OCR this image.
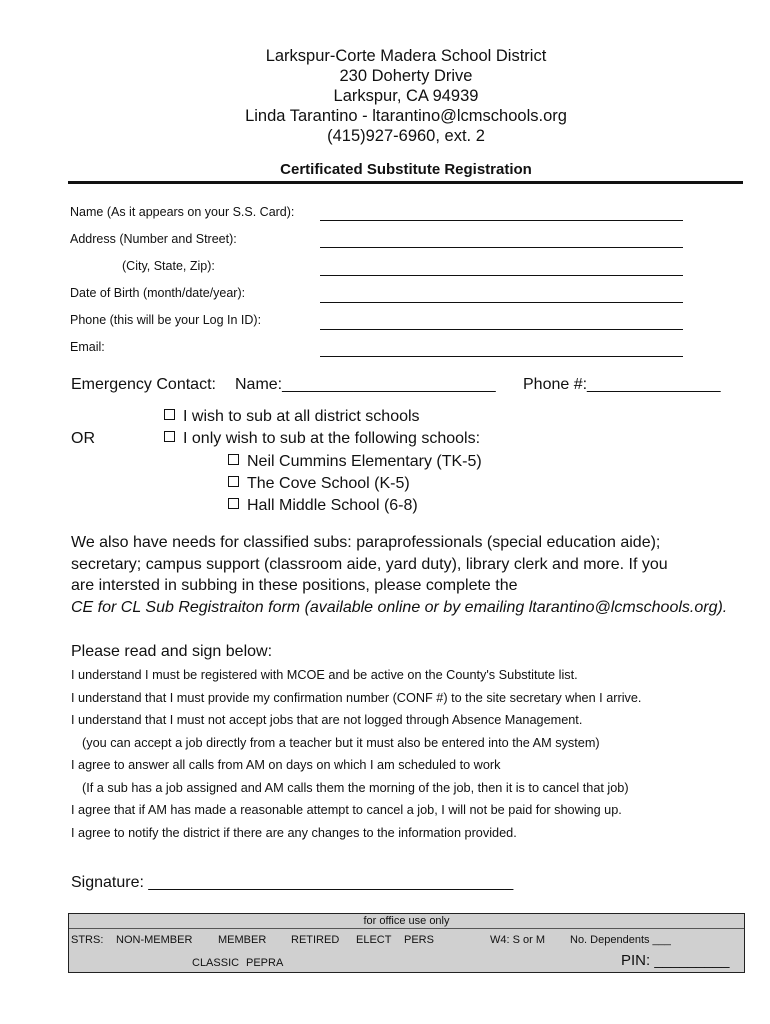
Larkspur-Corte Madera School District
230 Doherty Drive
Larkspur, CA 94939
Linda Tarantino - ltarantino@lcmschools.org
(415)927-6960, ext. 2
Certificated Substitute Registration
Name (As it appears on your S.S. Card):
Address (Number and Street):
(City, State, Zip):
Date of Birth (month/date/year):
Phone (this will be your Log In ID):
Email:
Emergency Contact: Name:________________________ Phone #:_______________
I wish to sub at all district schools
OR	I only wish to sub at the following schools:
Neil Cummins Elementary (TK-5)
The Cove School (K-5)
Hall Middle School (6-8)
We also have needs for classified subs: paraprofessionals (special education aide);
secretary; campus support (classroom aide, yard duty), library clerk and more. If you
are intersted in subbing in these positions, please complete the
CE for CL Sub Registraiton form (available online or by emailing ltarantino@lcmschools.org).
Please read and sign below:
I understand I must be registered with MCOE and be active on the County's Substitute list.
I understand that I must provide my confirmation number (CONF #) to the site secretary when I arrive.
I understand that I must not accept jobs that are not logged through Absence Management.
(you can accept a job directly from a teacher but it must also be entered into the AM system)
I agree to answer all calls from AM on days on which I am scheduled to work
(If a sub has a job assigned and AM calls them the morning of the job, then it is to cancel that job)
I agree that if AM has made a reasonable attempt to cancel a job, I will not be paid for showing up.
I agree to notify the district if there are any changes to the information provided.
Signature: _________________________________________
for office use only
STRS: NON-MEMBER MEMBER RETIRED ELECT PERS	W4: S or M No. Dependents ___
CLASSIC PEPRA	PIN: _________
